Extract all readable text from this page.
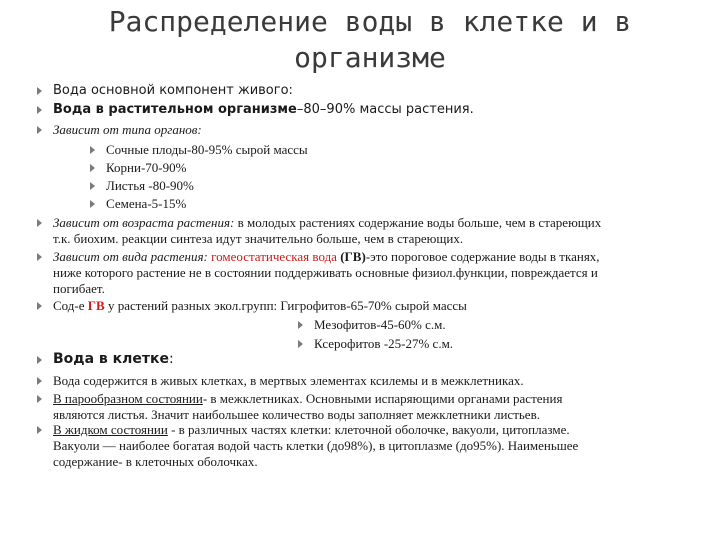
Распределение воды в клетке и в организме
Вода основной компонент живого:
Вода в растительном организме–80–90% массы растения.
Зависит от типа органов:
Сочные плоды-80-95% сырой массы
Корни-70-90%
Листья -80-90%
Семена-5-15%
Зависит от возраста растения: в молодых растениях содержание воды больше, чем в стареющих
т.к. биохим. реакции синтеза идут значительно больше, чем в стареющих.
Зависит от вида растения: гомеостатическая вода (ГВ)-это пороговое содержание воды в тканях,
ниже которого растение не в состоянии поддерживать основные физиол.функции, повреждается и
погибает.
Сод-е ГВ у растений разных экол.групп: Гигрофитов-65-70% сырой массы
Мезофитов-45-60% с.м.
Ксерофитов -25-27% с.м.
Вода в клетке:
Вода содержится в живых клетках, в мертвых элементах ксилемы и в межклетниках.
В парообразном состоянии- в межклетниках. Основными испаряющими органами растения
являются листья. Значит наибольшее количество воды заполняет межклетники листьев.
В жидком состоянии - в различных частях клетки: клеточной оболочке, вакуоли, цитоплазме.
Вакуоли — наиболее богатая водой часть клетки (до98%), в цитоплазме (до95%). Наименьшее
содержание- в клеточных оболочках.
